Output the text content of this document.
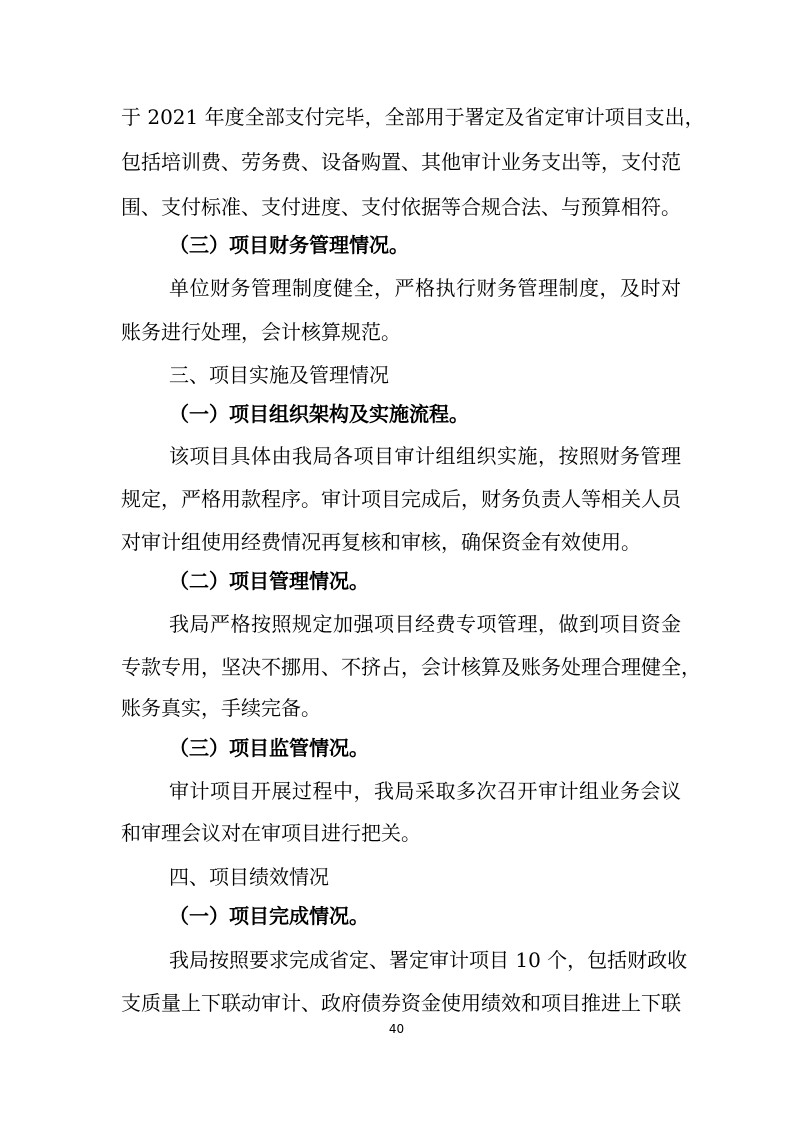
于 2021 年度全部支付完毕，全部用于署定及省定审计项目支出，
包括培训费、劳务费、设备购置、其他审计业务支出等，支付范
围、支付标准、支付进度、支付依据等合规合法、与预算相符。
（三）项目财务管理情况。
单位财务管理制度健全，严格执行财务管理制度，及时对
账务进行处理，会计核算规范。
三、项目实施及管理情况
（一）项目组织架构及实施流程。
该项目具体由我局各项目审计组组织实施，按照财务管理
规定，严格用款程序。审计项目完成后，财务负责人等相关人员
对审计组使用经费情况再复核和审核，确保资金有效使用。
（二）项目管理情况。
我局严格按照规定加强项目经费专项管理，做到项目资金
专款专用，坚决不挪用、不挤占，会计核算及账务处理合理健全，
账务真实，手续完备。
（三）项目监管情况。
审计项目开展过程中，我局采取多次召开审计组业务会议
和审理会议对在审项目进行把关。
四、项目绩效情况
（一）项目完成情况。
我局按照要求完成省定、署定审计项目 10 个，包括财政收
支质量上下联动审计、政府债券资金使用绩效和项目推进上下联
40
